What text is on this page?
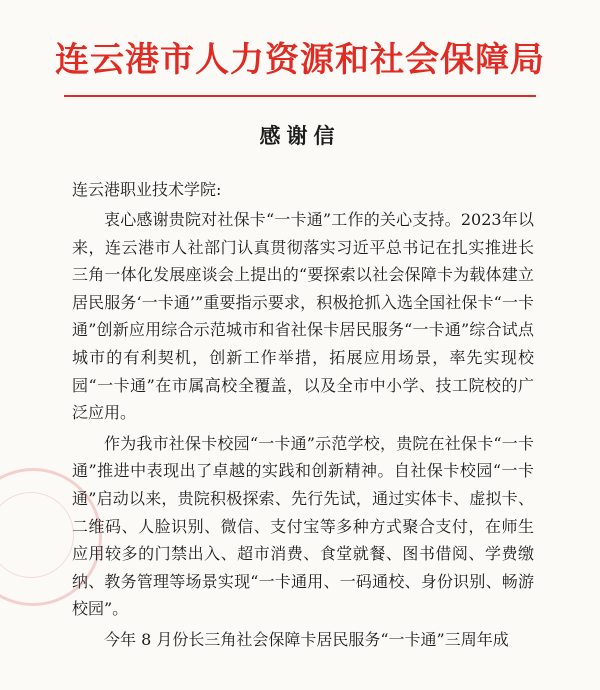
连云港市人力资源和社会保障局
感谢信
连云港职业技术学院:

衷心感谢贵院对社保卡“一卡通”工作的关心支持。2023年以来，连云港市人社部门认真贯彻落实习近平总书记在扎实推进长三角一体化发展座谈会上提出的“要探索以社会保障卡为载体建立居民服务‘一卡通’”重要指示要求，积极抢抓入选全国社保卡“一卡通”创新应用综合示范城市和省社保卡居民服务“一卡通”综合试点城市的有利契机，创新工作举措，拓展应用场景，率先实现校园“一卡通”在市属高校全覆盖，以及全市中小学、技工院校的广泛应用。

作为我市社保卡校园“一卡通”示范学校，贵院在社保卡“一卡通”推进中表现出了卓越的实践和创新精神。自社保卡校园“一卡通”启动以来，贵院积极探索、先行先试，通过实体卡、虚拟卡、二维码、人脸识别、微信、支付宝等多种方式聚合支付，在师生应用较多的门禁出入、超市消费、食堂就餐、图书借阅、学费缴纳、教务管理等场景实现“一卡通用、一码通校、身份识别、畅游校园”。

今年 8 月份长三角社会保障卡居民服务“一卡通”三周年成
